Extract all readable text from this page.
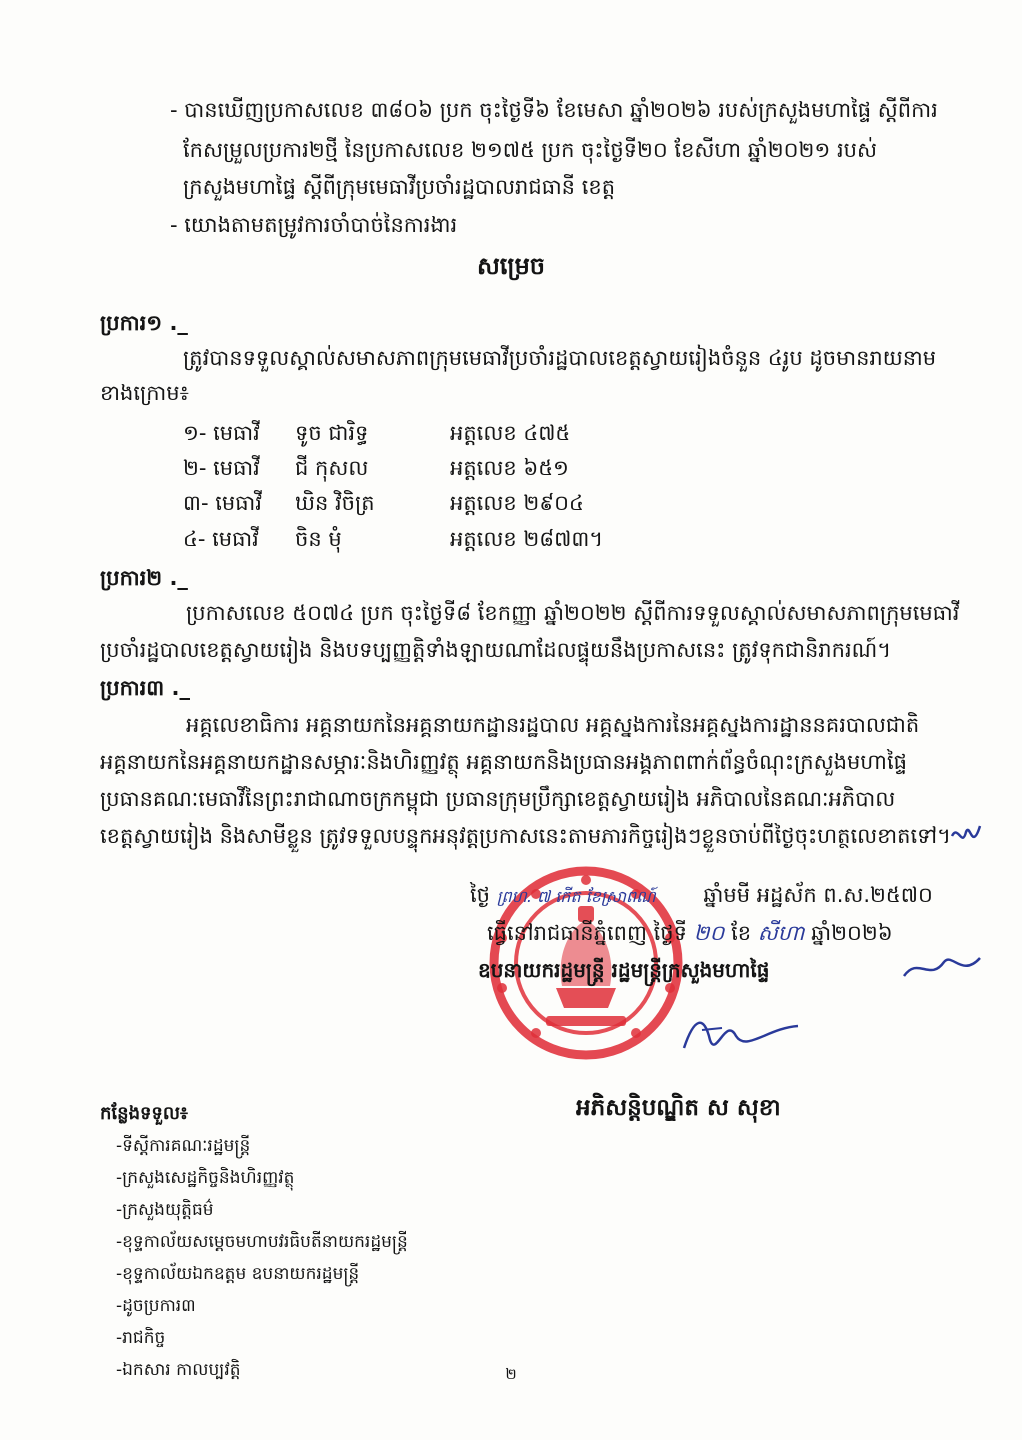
- បានឃើញប្រកាសលេខ ៣៨០៦ ប្រក ចុះថ្ងៃទី៦ ខែមេសា ឆ្នាំ២០២៦ របស់ក្រសួងមហាផ្ទៃ ស្តីពីការ
កែសម្រួលប្រការ២ថ្មី នៃប្រកាសលេខ ២១៧៥ ប្រក ចុះថ្ងៃទី២០ ខែសីហា ឆ្នាំ២០២១ របស់
ក្រសួងមហាផ្ទៃ ស្តីពីក្រុមមេធាវីប្រចាំរដ្ឋបាលរាជធានី ខេត្ត
- យោងតាមតម្រូវការចាំបាច់នៃការងារ
សម្រេច
ប្រការ១ ._
ត្រូវបានទទួលស្គាល់សមាសភាពក្រុមមេធាវីប្រចាំរដ្ឋបាលខេត្តស្វាយរៀងចំនួន ៤រូប ដូចមានរាយនាម
ខាងក្រោម៖
១- មេធាវី ទូច ជារិទ្ធ	អត្តលេខ ៤៧៥
២- មេធាវី ជី កុសល	អត្តលេខ ៦៥១
៣- មេធាវី ឃិន វិចិត្រ	អត្តលេខ ២៩០៤
៤- មេធាវី ចិន មុំ	អត្តលេខ ២៨៧៣។
ប្រការ២ ._
ប្រកាសលេខ ៥០៧៤ ប្រក ចុះថ្ងៃទី៨ ខែកញ្ញា ឆ្នាំ២០២២ ស្តីពីការទទួលស្គាល់សមាសភាពក្រុមមេធាវី
ប្រចាំរដ្ឋបាលខេត្តស្វាយរៀង និងបទប្បញ្ញត្តិទាំងឡាយណាដែលផ្ទុយនឹងប្រកាសនេះ ត្រូវទុកជានិរាករណ៍។
ប្រការ៣ ._
អគ្គលេខាធិការ អគ្គនាយកនៃអគ្គនាយកដ្ឋានរដ្ឋបាល អគ្គស្នងការនៃអគ្គស្នងការដ្ឋាននគរបាលជាតិ
អគ្គនាយកនៃអគ្គនាយកដ្ឋានសម្ភារៈនិងហិរញ្ញវត្ថុ អគ្គនាយកនិងប្រធានអង្គភាពពាក់ព័ន្ធចំណុះក្រសួងមហាផ្ទៃ
ប្រធានគណៈមេធាវីនៃព្រះរាជាណាចក្រកម្ពុជា ប្រធានក្រុមប្រឹក្សាខេត្តស្វាយរៀង អភិបាលនៃគណៈអភិបាល
ខេត្តស្វាយរៀង និងសាមីខ្លួន ត្រូវទទួលបន្ទុកអនុវត្តប្រកាសនេះតាមភារកិច្ចរៀងៗខ្លួនចាប់ពីថ្ងៃចុះហត្ថលេខាតទៅ។
ថ្ងៃ ព្រហ. ៧ កើត ខែស្រាពណ៍ ឆ្នាំមមី អដ្ឋស័ក ព.ស.២៥៧០
ធ្វើនៅរាជធានីភ្នំពេញ ថ្ងៃទី ២០ ខែ សីហា ឆ្នាំ២០២៦
ឧបនាយករដ្ឋមន្ត្រី រដ្ឋមន្ត្រីក្រសួងមហាផ្ទៃ
អភិសន្តិបណ្ឌិត ស សុខា
កន្លែងទទួល៖
-ទីស្តីការគណៈរដ្ឋមន្ត្រី
-ក្រសួងសេដ្ឋកិច្ចនិងហិរញ្ញវត្ថុ
-ក្រសួងយុត្តិធម៌
-ខុទ្ទកាល័យសម្តេចមហាបវរធិបតីនាយករដ្ឋមន្ត្រី
-ខុទ្ទកាល័យឯកឧត្តម ឧបនាយករដ្ឋមន្ត្រី
-ដូចប្រការ៣
-រាជកិច្ច
-ឯកសារ កាលប្បវត្តិ	២
